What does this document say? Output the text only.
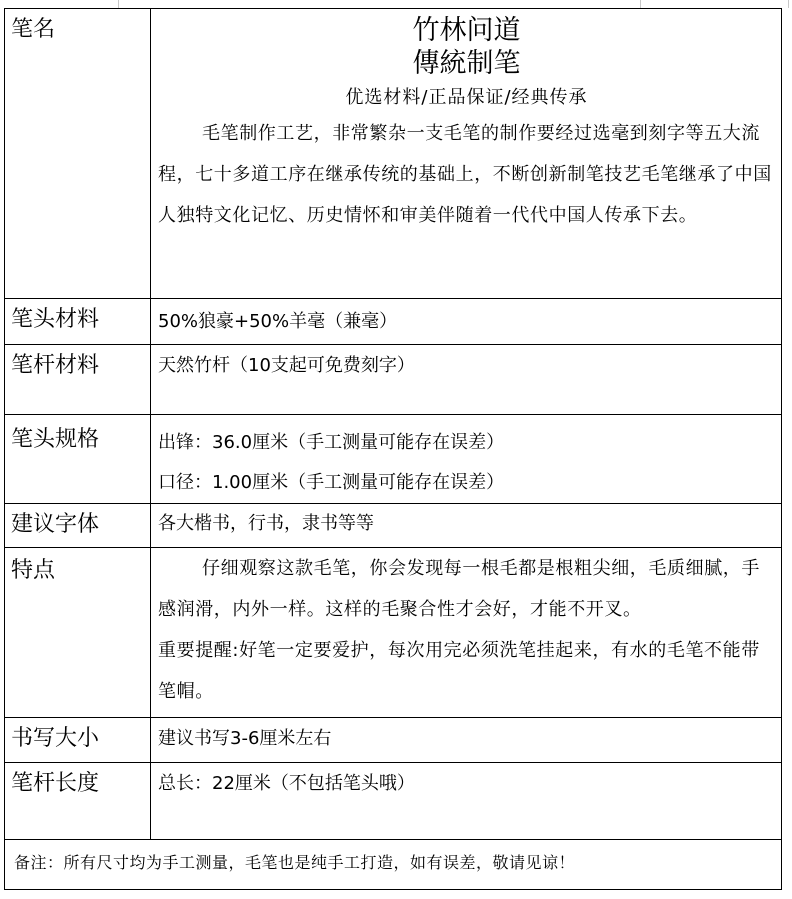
笔名	竹林问道
傳統制笔
优选材料/正品保证/经典传承
毛笔制作工艺，非常繁杂一支毛笔的制作要经过选毫到刻字等五大流程，七十多道工序在继承传统的基础上，不断创新制笔技艺毛笔继承了中国人独特文化记忆、历史情怀和审美伴随着一代代中国人传承下去。

笔头材料	50%狼豪+50%羊毫（兼毫）
笔杆材料	天然竹杆（10支起可免费刻字）
笔头规格	出锋：36.0厘米（手工测量可能存在误差）
口径：1.00厘米（手工测量可能存在误差）

建议字体	各大楷书，行书，隶书等等
特点	仔细观察这款毛笔，你会发现每一根毛都是根粗尖细，毛质细腻，手感润滑，内外一样。这样的毛聚合性才会好，才能不开叉。
重要提醒:好笔一定要爱护，每次用完必须洗笔挂起来，有水的毛笔不能带笔帽。

书写大小	建议书写3-6厘米左右
笔杆长度	总长：22厘米（不包括笔头哦）
备注：所有尺寸均为手工测量，毛笔也是纯手工打造，如有误差，敬请见谅！	
